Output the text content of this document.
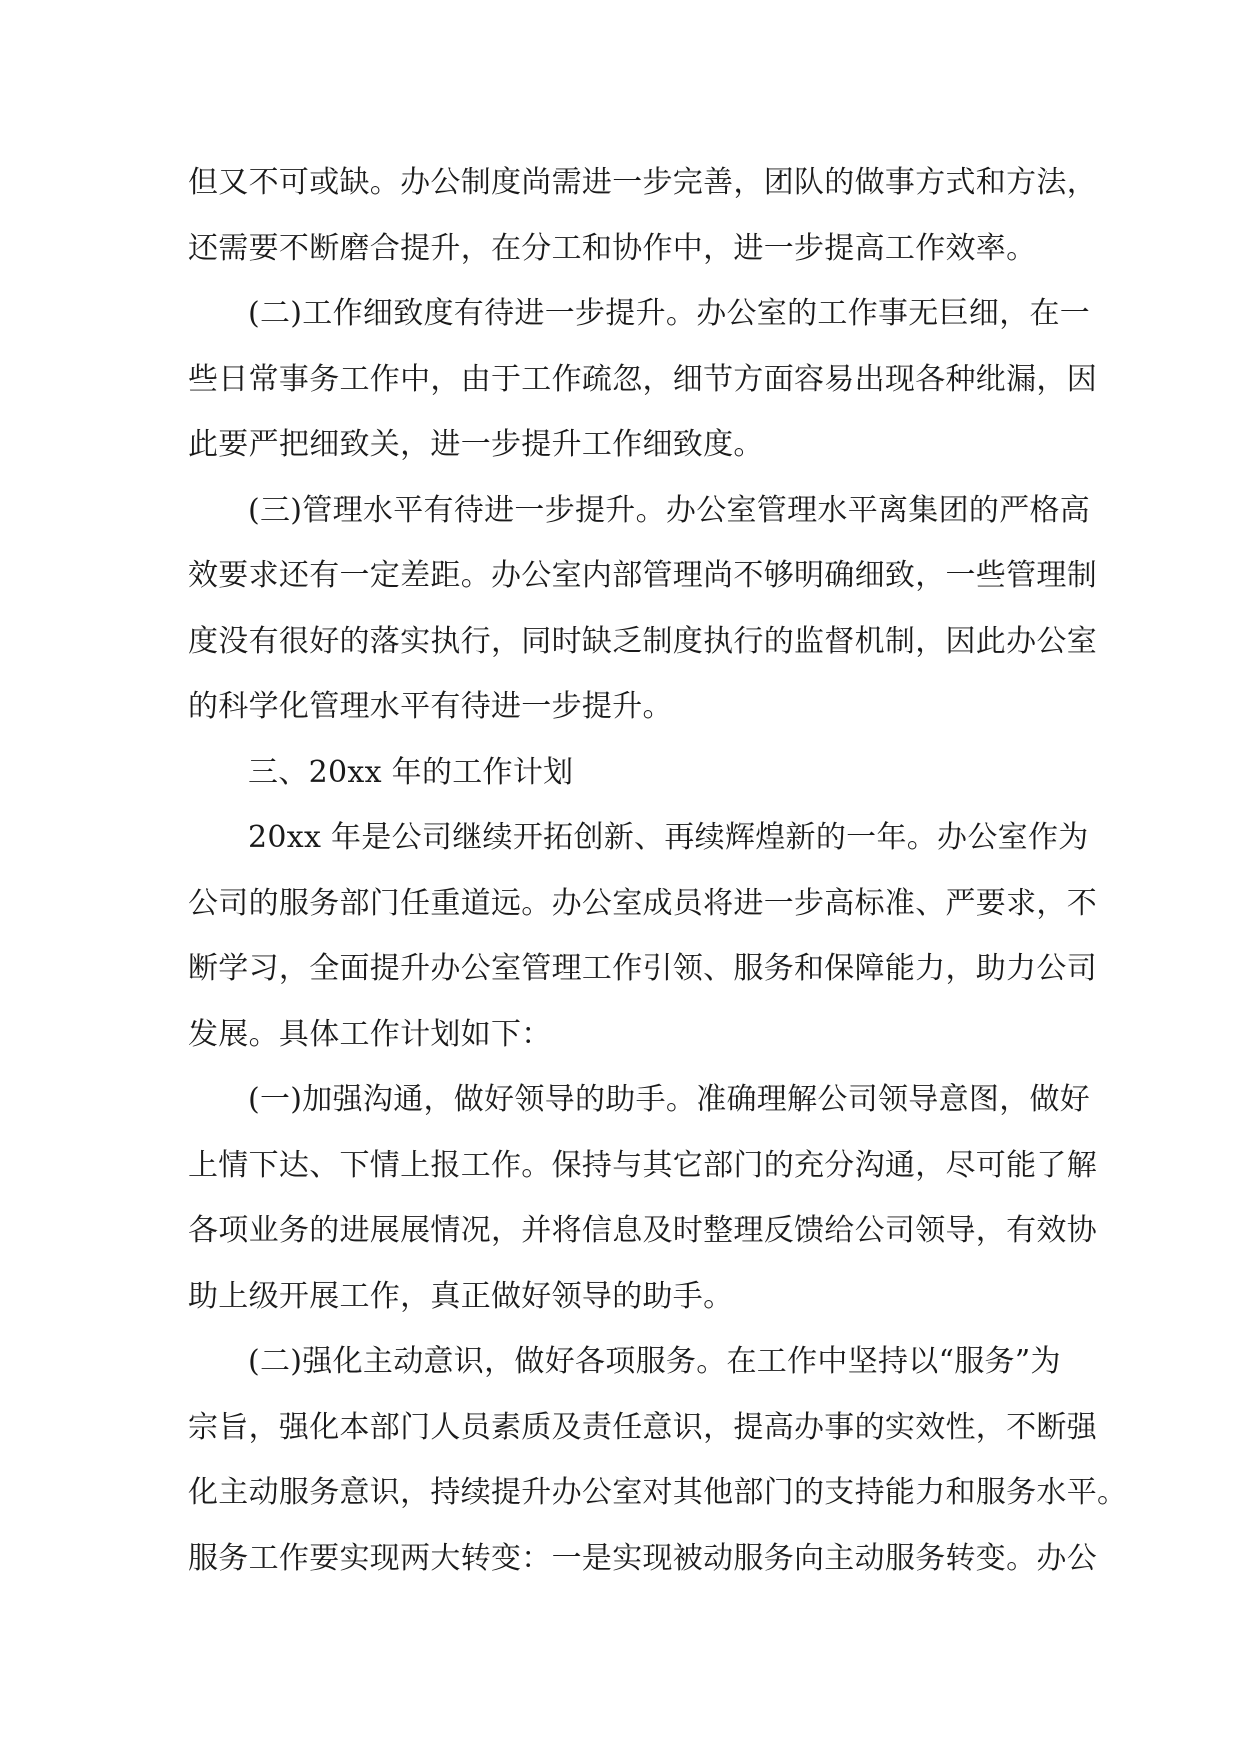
但又不可或缺。办公制度尚需进一步完善，团队的做事方式和方法，
还需要不断磨合提升，在分工和协作中，进一步提高工作效率。
(二)工作细致度有待进一步提升。办公室的工作事无巨细，在一
些日常事务工作中，由于工作疏忽，细节方面容易出现各种纰漏，因
此要严把细致关，进一步提升工作细致度。
(三)管理水平有待进一步提升。办公室管理水平离集团的严格高
效要求还有一定差距。办公室内部管理尚不够明确细致，一些管理制
度没有很好的落实执行，同时缺乏制度执行的监督机制，因此办公室
的科学化管理水平有待进一步提升。
三、20xx 年的工作计划
20xx 年是公司继续开拓创新、再续辉煌新的一年。办公室作为
公司的服务部门任重道远。办公室成员将进一步高标准、严要求，不
断学习，全面提升办公室管理工作引领、服务和保障能力，助力公司
发展。具体工作计划如下：
(一)加强沟通，做好领导的助手。准确理解公司领导意图，做好
上情下达、下情上报工作。保持与其它部门的充分沟通，尽可能了解
各项业务的进展展情况，并将信息及时整理反馈给公司领导，有效协
助上级开展工作，真正做好领导的助手。
(二)强化主动意识，做好各项服务。在工作中坚持以“服务”为
宗旨，强化本部门人员素质及责任意识，提高办事的实效性，不断强
化主动服务意识，持续提升办公室对其他部门的支持能力和服务水平。
服务工作要实现两大转变：一是实现被动服务向主动服务转变。办公
